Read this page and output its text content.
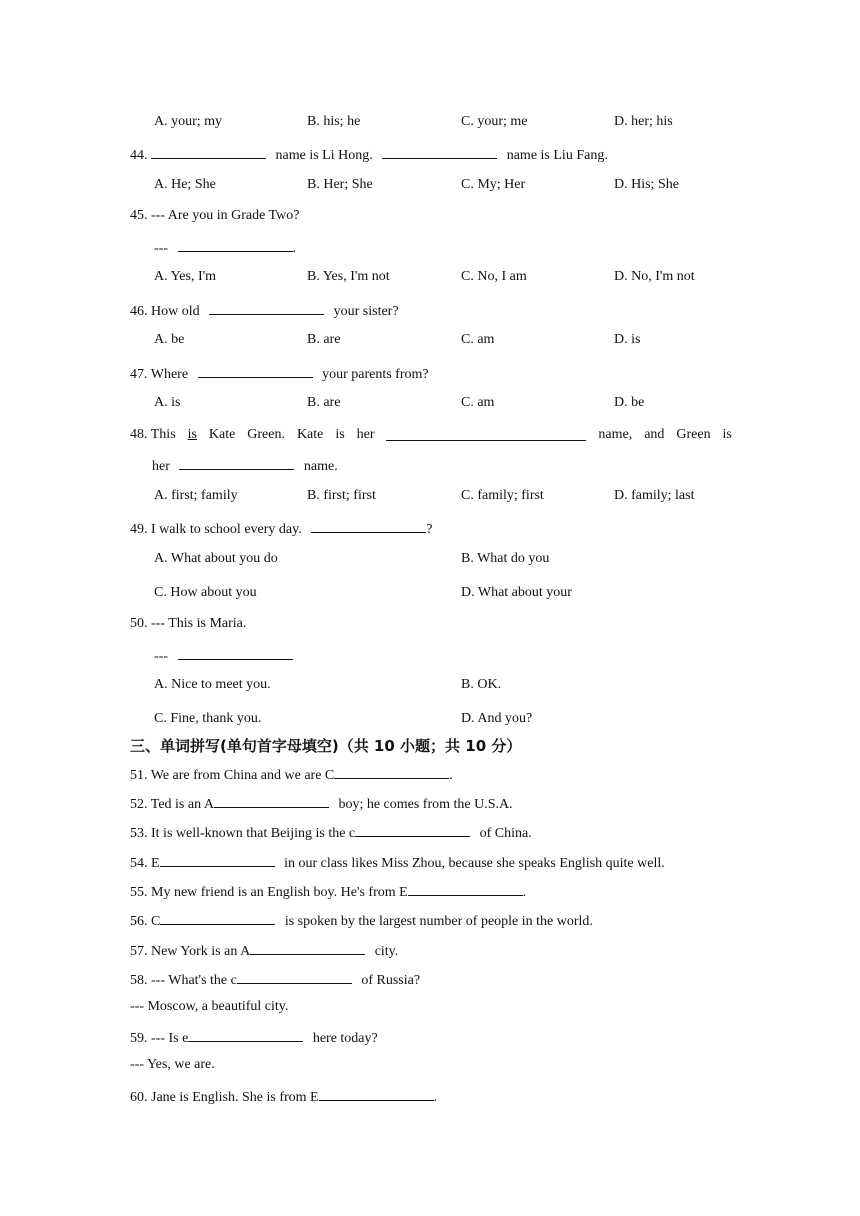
A. your; my	B. his; he	C. your; me	D. her; his
44.	name is Li Hong.	name is Liu Fang.
A. He; She	B. Her; She	C. My; Her	D. His; She
45. --- Are you in Grade Two?
---	.
A. Yes, I'm	B. Yes, I'm not	C. No, I am	D. No, I'm not
46. How old	your sister?
A. be	B. are	C. am	D. is
47. Where	your parents from?
A. is	B. are	C. am	D. be
48. This is Kate Green. Kate is her	name, and Green is
her	name.
A. first; family	B. first; first	C. family; first	D. family; last
49. I walk to school every day.	?
A. What about you do	B. What do you
C. How about you	D. What about your
50. --- This is Maria.
---
A. Nice to meet you.	B. OK.
C. Fine, thank you.	D. And you?
三、单词拼写(单句首字母填空)（共 10 小题；共 10 分）
51. We are from China and we are C	.
52. Ted is an A	boy; he comes from the U.S.A.
53. It is well-known that Beijing is the c	of China.
54. E	in our class likes Miss Zhou, because she speaks English quite well.
55. My new friend is an English boy. He's from E	.
56. C	is spoken by the largest number of people in the world.
57. New York is an A	city.
58. --- What's the c	of Russia?
--- Moscow, a beautiful city.
59. --- Is e	here today?
--- Yes, we are.
60. Jane is English. She is from E	.
